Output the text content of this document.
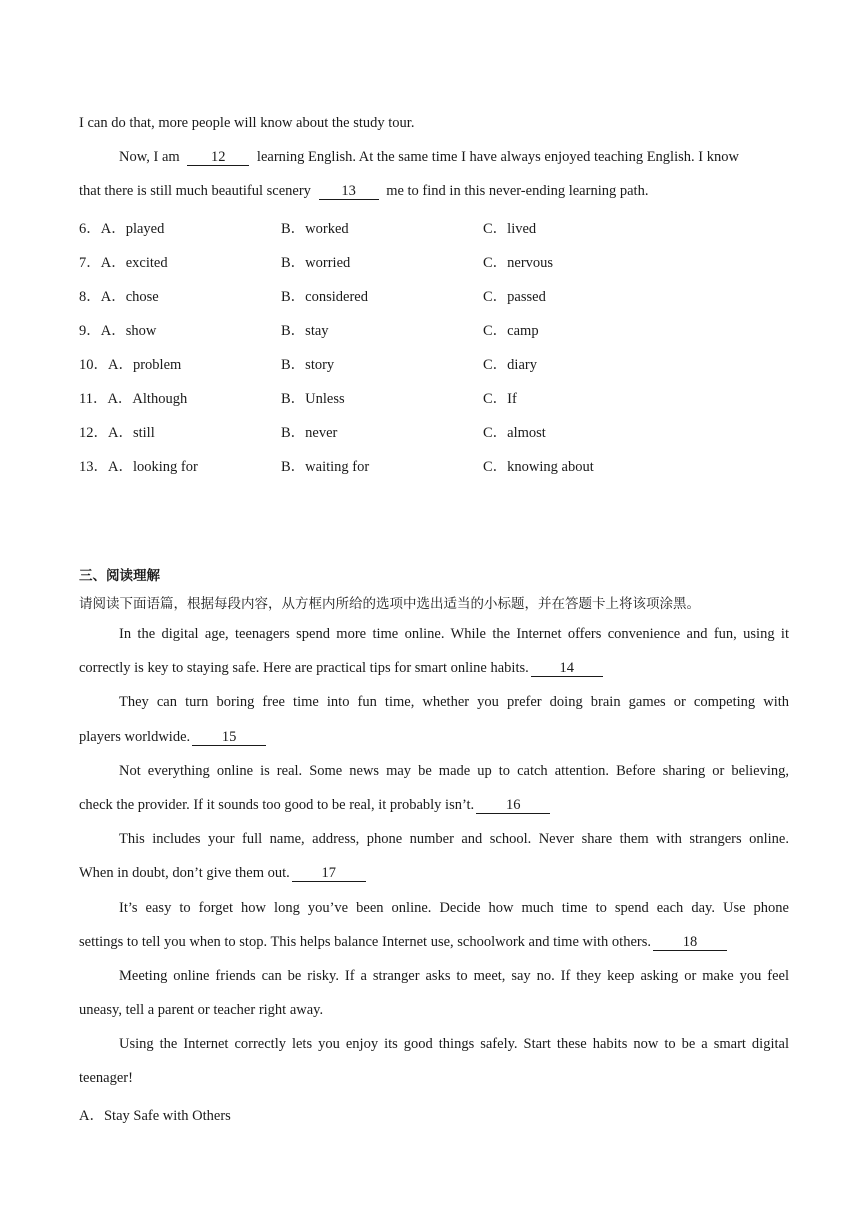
I can do that, more people will know about the study tour.
Now, I am 12 learning English. At the same time I have always enjoyed teaching English. I know
that there is still much beautiful scenery 13 me to find in this never-ending learning path.
6．A．played	B．worked	C．lived
7．A．excited	B．worried	C．nervous
8．A．chose	B．considered	C．passed
9．A．show	B．stay	C．camp
10．A．problem	B．story	C．diary
11．A．Although	B．Unless	C．If
12．A．still	B．never	C．almost
13．A．looking for	B．waiting for	C．knowing about
三、阅读理解
请阅读下面语篇，根据每段内容，从方框内所给的选项中选出适当的小标题，并在答题卡上将该项涂黑。
In the digital age, teenagers spend more time online. While the Internet offers convenience and fun, using it
correctly is key to staying safe. Here are practical tips for smart online habits. 14
They can turn boring free time into fun time, whether you prefer doing brain games or competing with
players worldwide. 15
Not everything online is real. Some news may be made up to catch attention. Before sharing or believing,
check the provider. If it sounds too good to be real, it probably isn’t. 16
This includes your full name, address, phone number and school. Never share them with strangers online.
When in doubt, don’t give them out. 17
It’s easy to forget how long you’ve been online. Decide how much time to spend each day. Use phone
settings to tell you when to stop. This helps balance Internet use, schoolwork and time with others. 18
Meeting online friends can be risky. If a stranger asks to meet, say no. If they keep asking or make you feel
uneasy, tell a parent or teacher right away.
Using the Internet correctly lets you enjoy its good things safely. Start these habits now to be a smart digital
teenager!
A．Stay Safe with Others
